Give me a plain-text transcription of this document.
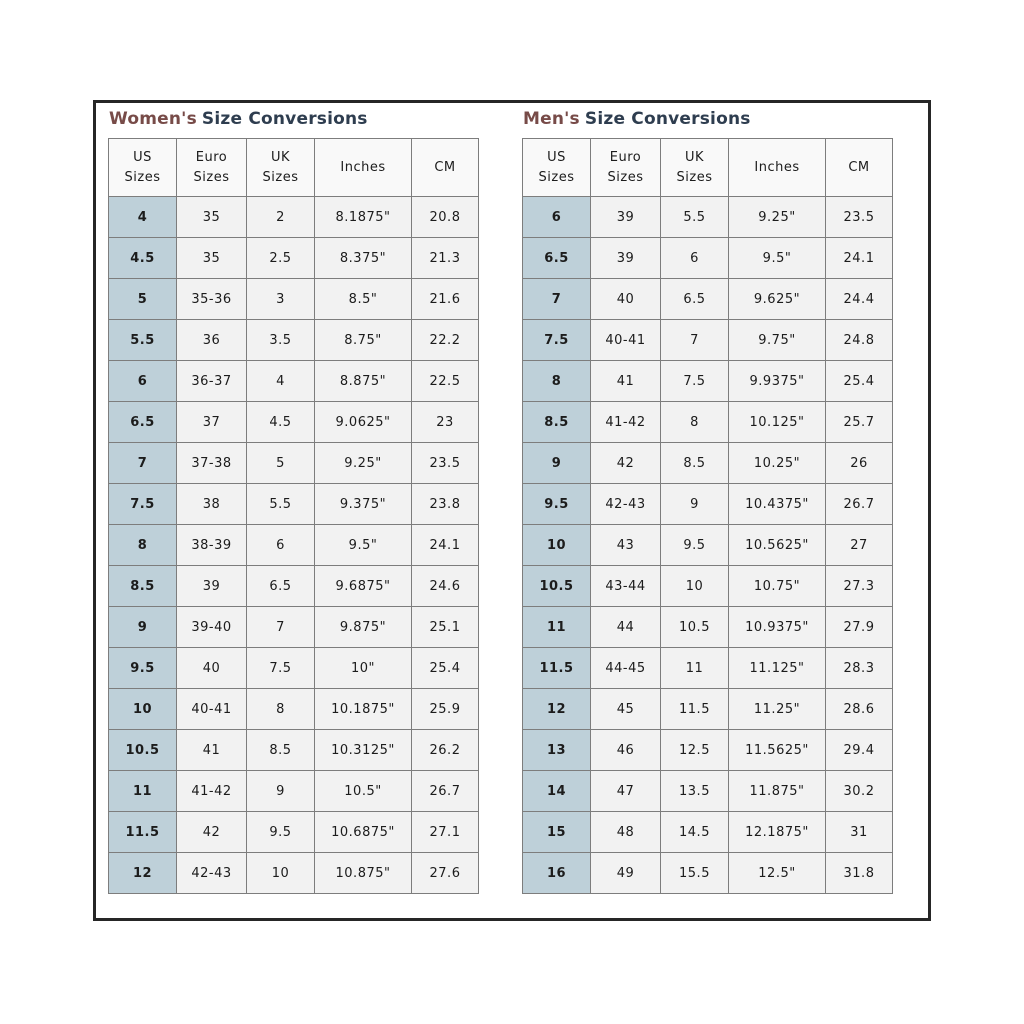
Women's Size Conversions
US Sizes	Euro Sizes	UK Sizes	Inches	CM
4	35	2	8.1875"	20.8
4.5	35	2.5	8.375"	21.3
5	35-36	3	8.5"	21.6
5.5	36	3.5	8.75"	22.2
6	36-37	4	8.875"	22.5
6.5	37	4.5	9.0625"	23
7	37-38	5	9.25"	23.5
7.5	38	5.5	9.375"	23.8
8	38-39	6	9.5"	24.1
8.5	39	6.5	9.6875"	24.6
9	39-40	7	9.875"	25.1
9.5	40	7.5	10"	25.4
10	40-41	8	10.1875"	25.9
10.5	41	8.5	10.3125"	26.2
11	41-42	9	10.5"	26.7
11.5	42	9.5	10.6875"	27.1
12	42-43	10	10.875"	27.6
Men's Size Conversions
US Sizes	Euro Sizes	UK Sizes	Inches	CM
6	39	5.5	9.25"	23.5
6.5	39	6	9.5"	24.1
7	40	6.5	9.625"	24.4
7.5	40-41	7	9.75"	24.8
8	41	7.5	9.9375"	25.4
8.5	41-42	8	10.125"	25.7
9	42	8.5	10.25"	26
9.5	42-43	9	10.4375"	26.7
10	43	9.5	10.5625"	27
10.5	43-44	10	10.75"	27.3
11	44	10.5	10.9375"	27.9
11.5	44-45	11	11.125"	28.3
12	45	11.5	11.25"	28.6
13	46	12.5	11.5625"	29.4
14	47	13.5	11.875"	30.2
15	48	14.5	12.1875"	31
16	49	15.5	12.5"	31.8
